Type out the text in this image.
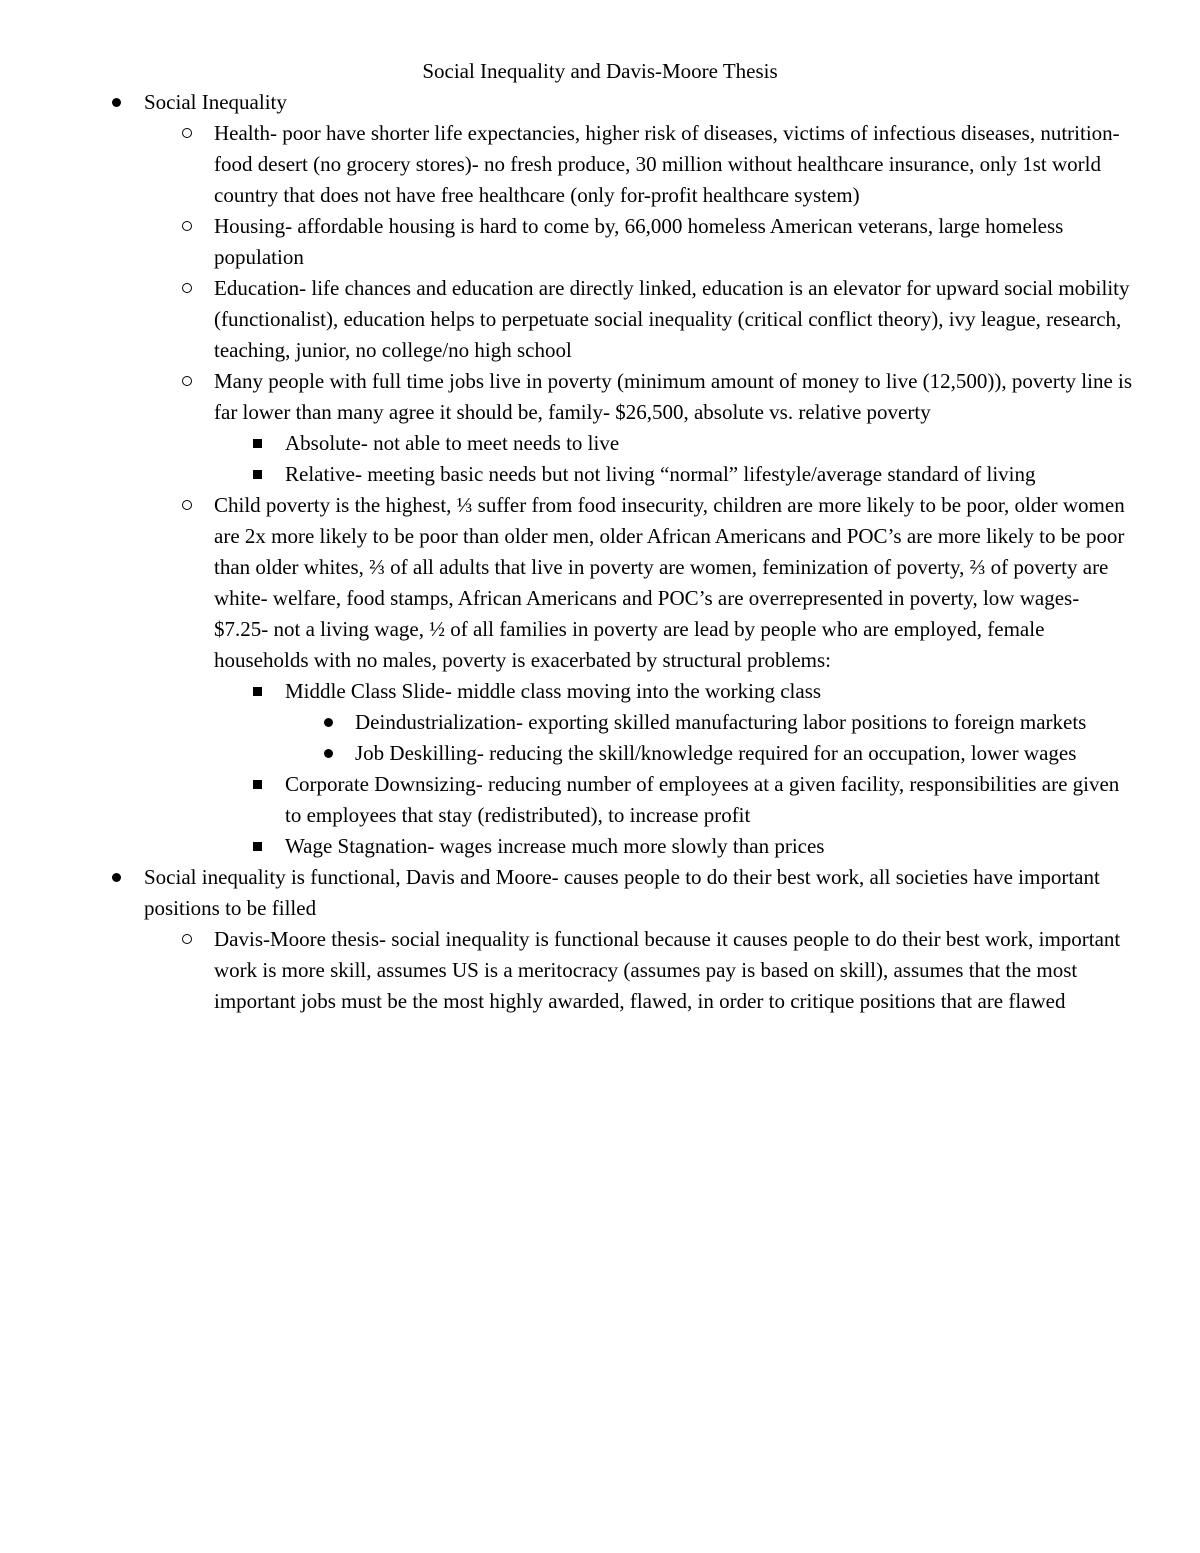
Social Inequality and Davis-Moore Thesis
Social Inequality
Health- poor have shorter life expectancies, higher risk of diseases, victims of infectious diseases, nutrition- food desert (no grocery stores)- no fresh produce, 30 million without healthcare insurance, only 1st world country that does not have free healthcare (only for-profit healthcare system)
Housing- affordable housing is hard to come by, 66,000 homeless American veterans, large homeless population
Education- life chances and education are directly linked, education is an elevator for upward social mobility (functionalist), education helps to perpetuate social inequality (critical conflict theory), ivy league, research, teaching, junior, no college/no high school
Many people with full time jobs live in poverty (minimum amount of money to live (12,500)), poverty line is far lower than many agree it should be, family- $26,500, absolute vs. relative poverty
Absolute- not able to meet needs to live
Relative- meeting basic needs but not living “normal” lifestyle/average standard of living
Child poverty is the highest, ⅓ suffer from food insecurity, children are more likely to be poor, older women are 2x more likely to be poor than older men, older African Americans and POC’s are more likely to be poor than older whites, ⅔ of all adults that live in poverty are women, feminization of poverty, ⅔ of poverty are white- welfare, food stamps, African Americans and POC’s are overrepresented in poverty, low wages- $7.25- not a living wage, ½ of all families in poverty are lead by people who are employed, female households with no males, poverty is exacerbated by structural problems:
Middle Class Slide- middle class moving into the working class
Deindustrialization- exporting skilled manufacturing labor positions to foreign markets
Job Deskilling- reducing the skill/knowledge required for an occupation, lower wages
Corporate Downsizing- reducing number of employees at a given facility, responsibilities are given to employees that stay (redistributed), to increase profit
Wage Stagnation- wages increase much more slowly than prices
Social inequality is functional, Davis and Moore- causes people to do their best work, all societies have important positions to be filled
Davis-Moore thesis- social inequality is functional because it causes people to do their best work, important work is more skill, assumes US is a meritocracy (assumes pay is based on skill), assumes that the most important jobs must be the most highly awarded, flawed, in order to critique positions that are flawed
